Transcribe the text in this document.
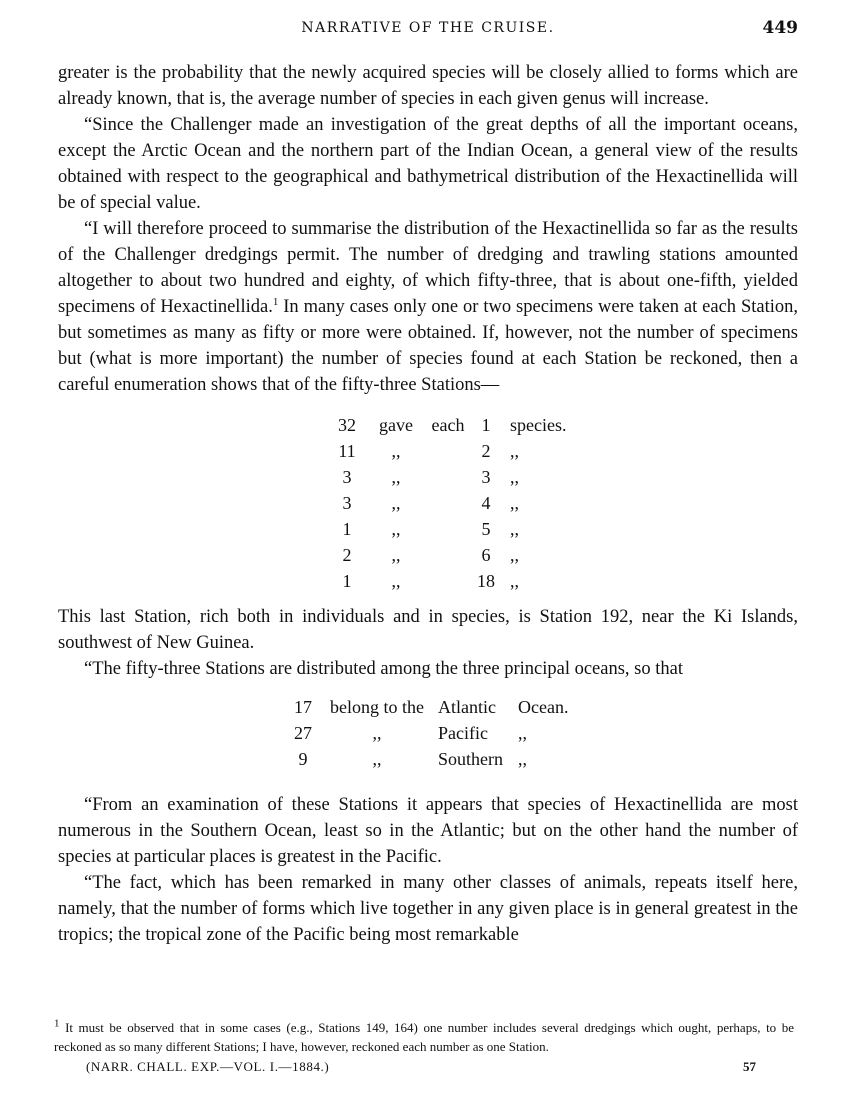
NARRATIVE OF THE CRUISE.	449

greater is the probability that the newly acquired species will be closely allied to forms which are already known, that is, the average number of species in each given genus will increase.

“Since the Challenger made an investigation of the great depths of all the important oceans, except the Arctic Ocean and the northern part of the Indian Ocean, a general view of the results obtained with respect to the geographical and bathymetrical distribution of the Hexactinellida will be of special value.

“I will therefore proceed to summarise the distribution of the Hexactinellida so far as the results of the Challenger dredgings permit. The number of dredging and trawling stations amounted altogether to about two hundred and eighty, of which fifty-three, that is about one-fifth, yielded specimens of Hexactinellida.$^1$ In many cases only one or two specimens were taken at each Station, but sometimes as many as fifty or more were obtained. If, however, not the number of specimens but (what is more important) the number of species found at each Station be reckoned, then a careful enumeration shows that of the fifty-three Stations—

32	gave	each	1	species.
11	,,		2	,,
3	,,		3	,,
3	,,		4	,,
1	,,		5	,,
2	,,		6	,,
1	,,		18	,,

This last Station, rich both in individuals and in species, is Station 192, near the Ki Islands, southwest of New Guinea.

“The fifty-three Stations are distributed among the three principal oceans, so that

17	belong to the	Atlantic	Ocean.
27	,,	Pacific	,,
9	,,	Southern	,,

“From an examination of these Stations it appears that species of Hexactinellida are most numerous in the Southern Ocean, least so in the Atlantic; but on the other hand the number of species at particular places is greatest in the Pacific.

“The fact, which has been remarked in many other classes of animals, repeats itself here, namely, that the number of forms which live together in any given place is in general greatest in the tropics; the tropical zone of the Pacific being most remarkable

$^1$ It must be observed that in some cases (e.g., Stations 149, 164) one number includes several dredgings which ought, perhaps, to be reckoned as so many different Stations; I have, however, reckoned each number as one Station.
(NARR. CHALL. EXP.—VOL. I.—1884.)	57
